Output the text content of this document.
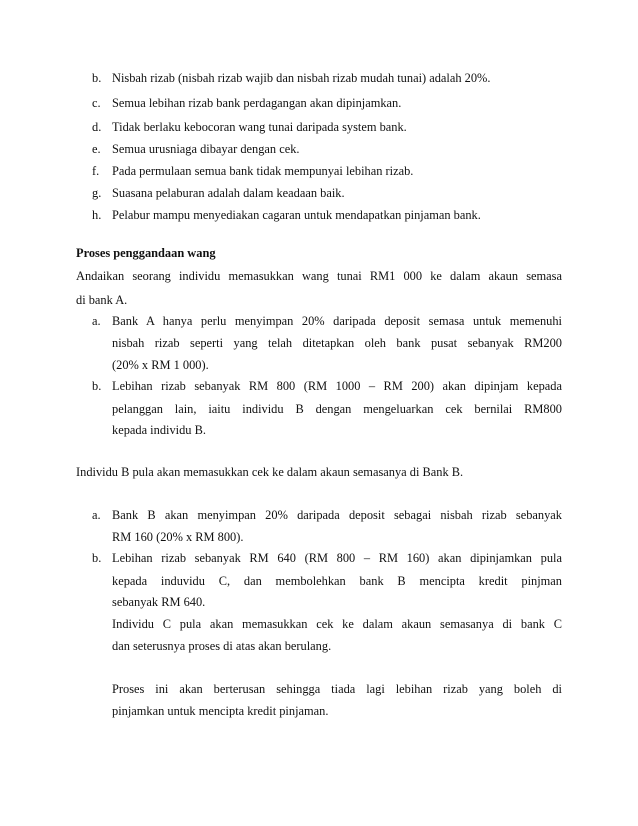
b. Nisbah rizab (nisbah rizab wajib dan nisbah rizab mudah tunai) adalah 20%.
c. Semua lebihan rizab bank perdagangan akan dipinjamkan.
d. Tidak berlaku kebocoran wang tunai daripada system bank.
e. Semua urusniaga dibayar dengan cek.
f. Pada permulaan semua bank tidak mempunyai lebihan rizab.
g. Suasana pelaburan adalah dalam keadaan baik.
h. Pelabur mampu menyediakan cagaran untuk mendapatkan pinjaman bank.
Proses penggandaan wang
Andaikan seorang individu memasukkan wang tunai RM1 000 ke dalam akaun semasa
di bank A.
a. Bank A hanya perlu menyimpan 20% daripada deposit semasa untuk memenuhi
nisbah rizab seperti yang telah ditetapkan oleh bank pusat sebanyak RM200
(20% x RM 1 000).
b. Lebihan rizab sebanyak RM 800 (RM 1000 – RM 200) akan dipinjam kepada
pelanggan lain, iaitu individu B dengan mengeluarkan cek bernilai RM800
kepada individu B.
Individu B pula akan memasukkan cek ke dalam akaun semasanya di Bank B.
a. Bank B akan menyimpan 20% daripada deposit sebagai nisbah rizab sebanyak
RM 160 (20% x RM 800).
b. Lebihan rizab sebanyak RM 640 (RM 800 – RM 160) akan dipinjamkan pula
kepada induvidu C, dan membolehkan bank B mencipta kredit pinjman
sebanyak RM 640.
Individu C pula akan memasukkan cek ke dalam akaun semasanya di bank C
dan seterusnya proses di atas akan berulang.
Proses ini akan berterusan sehingga tiada lagi lebihan rizab yang boleh di
pinjamkan untuk mencipta kredit pinjaman.
